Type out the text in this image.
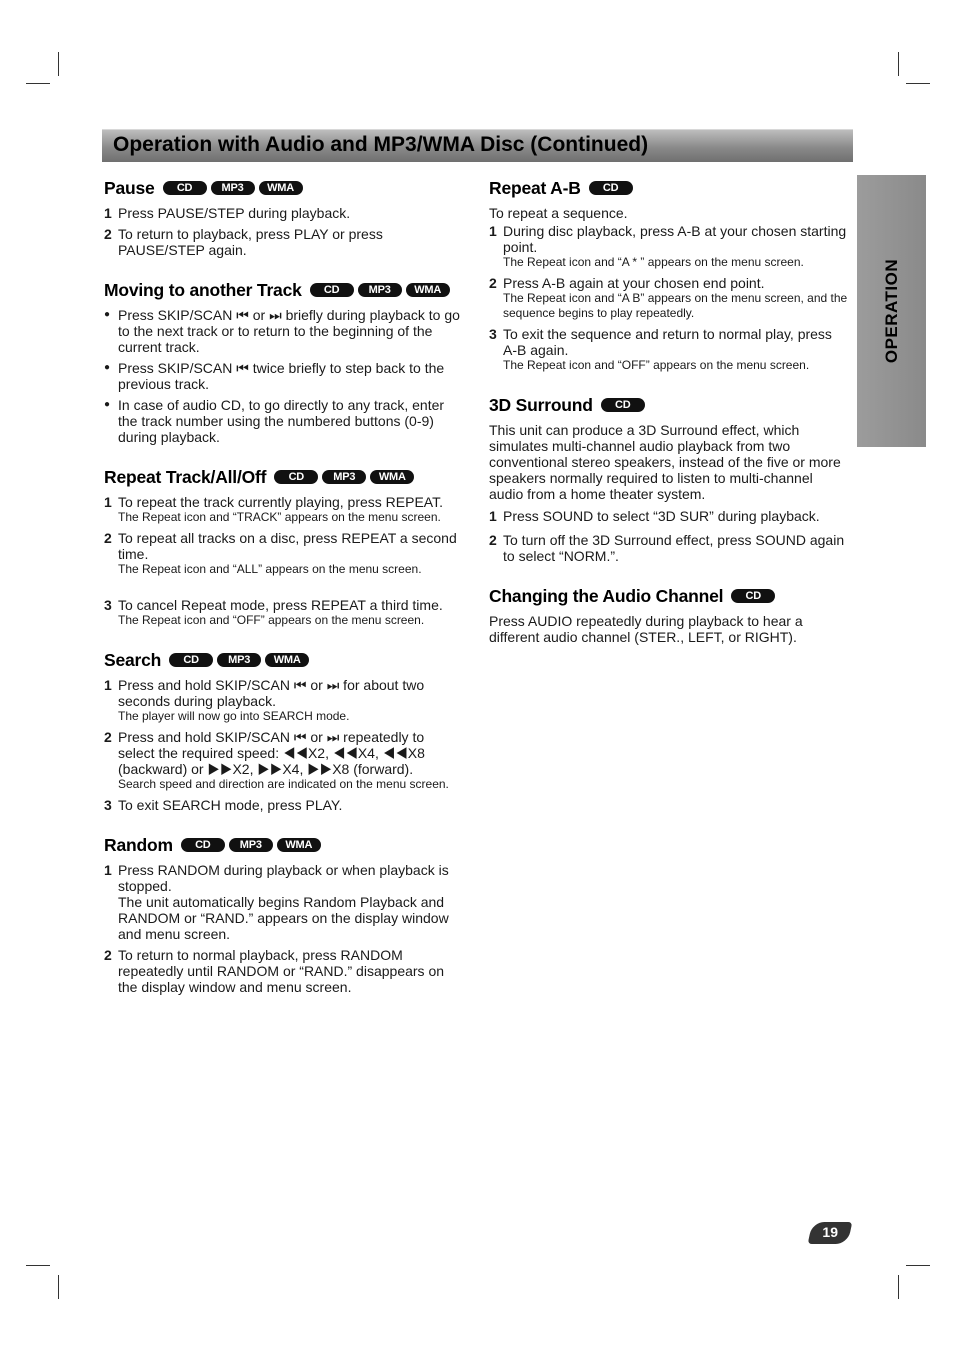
Operation with Audio and MP3/WMA Disc (Continued)
OPERATION
Pause	CD	MP3	WMA
1 Press PAUSE/STEP during playback.
2 To return to playback, press PLAY or press PAUSE/STEP again.
Moving to another Track	CD	MP3	WMA
● Press SKIP/SCAN ⏮ or ⏭ briefly during playback to go to the next track or to return to the beginning of the current track.
● Press SKIP/SCAN ⏮ twice briefly to step back to the previous track.
● In case of audio CD, to go directly to any track, enter the track number using the numbered buttons (0-9) during playback.
Repeat Track/All/Off	CD	MP3	WMA
1 To repeat the track currently playing, press REPEAT.
The Repeat icon and “TRACK” appears on the menu screen.
2 To repeat all tracks on a disc, press REPEAT a second time.
The Repeat icon and “ALL” appears on the menu screen.
3 To cancel Repeat mode, press REPEAT a third time.
The Repeat icon and “OFF” appears on the menu screen.
Search	CD	MP3	WMA
1 Press and hold SKIP/SCAN ⏮ or ⏭ for about two seconds during playback.
The player will now go into SEARCH mode.
2 Press and hold SKIP/SCAN ⏮ or ⏭ repeatedly to select the required speed: ◀◀X2, ◀◀X4, ◀◀X8 (backward) or ▶▶X2, ▶▶X4, ▶▶X8 (forward).
Search speed and direction are indicated on the menu screen.
3 To exit SEARCH mode, press PLAY.
Random	CD	MP3	WMA
1 Press RANDOM during playback or when playback is stopped.
The unit automatically begins Random Playback and RANDOM or “RAND.” appears on the display window and menu screen.
2 To return to normal playback, press RANDOM repeatedly until RANDOM or “RAND.” disappears on the display window and menu screen.
Repeat A-B	CD
To repeat a sequence.
1 During disc playback, press A-B at your chosen starting point.
The Repeat icon and “A * ” appears on the menu screen.
2 Press A-B again at your chosen end point.
The Repeat icon and “A B” appears on the menu screen, and the sequence begins to play repeatedly.
3 To exit the sequence and return to normal play, press A-B again.
The Repeat icon and “OFF” appears on the menu screen.
3D Surround	CD
This unit can produce a 3D Surround effect, which simulates multi-channel audio playback from two conventional stereo speakers, instead of the five or more speakers normally required to listen to multi-channel audio from a home theater system.
1 Press SOUND to select “3D SUR” during playback.
2 To turn off the 3D Surround effect, press SOUND again to select “NORM.”.
Changing the Audio Channel	CD
Press AUDIO repeatedly during playback to hear a different audio channel (STER., LEFT, or RIGHT).
19
